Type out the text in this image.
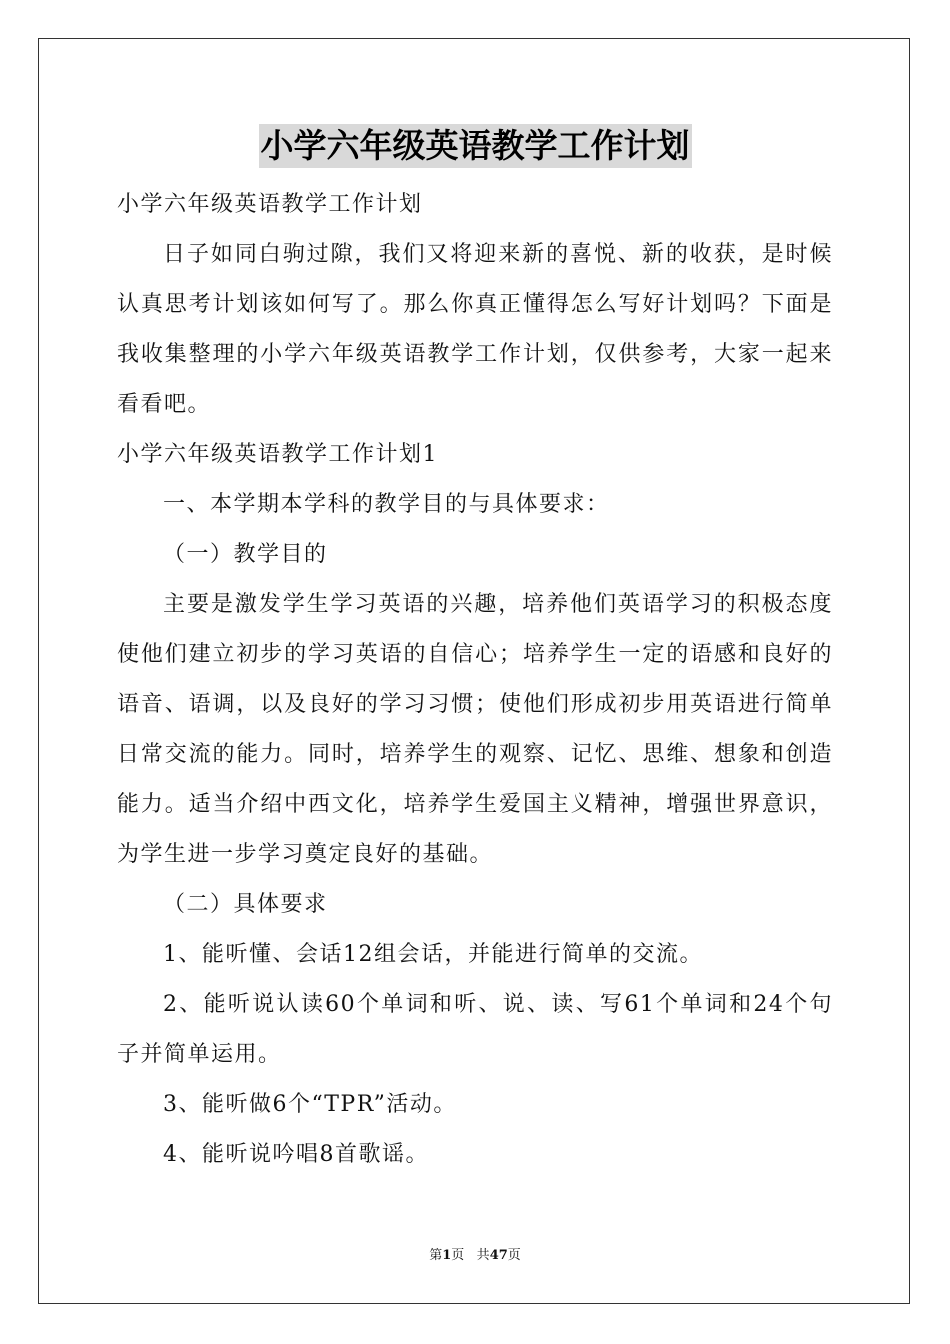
小学六年级英语教学工作计划

小学六年级英语教学工作计划

日子如同白驹过隙，我们又将迎来新的喜悦、新的收获，是时候认真思考计划该如何写了。那么你真正懂得怎么写好计划吗？下面是我收集整理的小学六年级英语教学工作计划，仅供参考，大家一起来看看吧。

小学六年级英语教学工作计划1

一、本学期本学科的教学目的与具体要求：

（一）教学目的

主要是激发学生学习英语的兴趣，培养他们英语学习的积极态度使他们建立初步的学习英语的自信心；培养学生一定的语感和良好的语音、语调，以及良好的学习习惯；使他们形成初步用英语进行简单日常交流的能力。同时，培养学生的观察、记忆、思维、想象和创造能力。适当介绍中西文化，培养学生爱国主义精神，增强世界意识，为学生进一步学习奠定良好的基础。

（二）具体要求

1、能听懂、会话12组会话，并能进行简单的交流。

2、能听说认读60个单词和听、说、读、写61个单词和24个句子并简单运用。

3、能听做6个“TPR”活动。

4、能听说吟唱8首歌谣。

第1页 共47页
